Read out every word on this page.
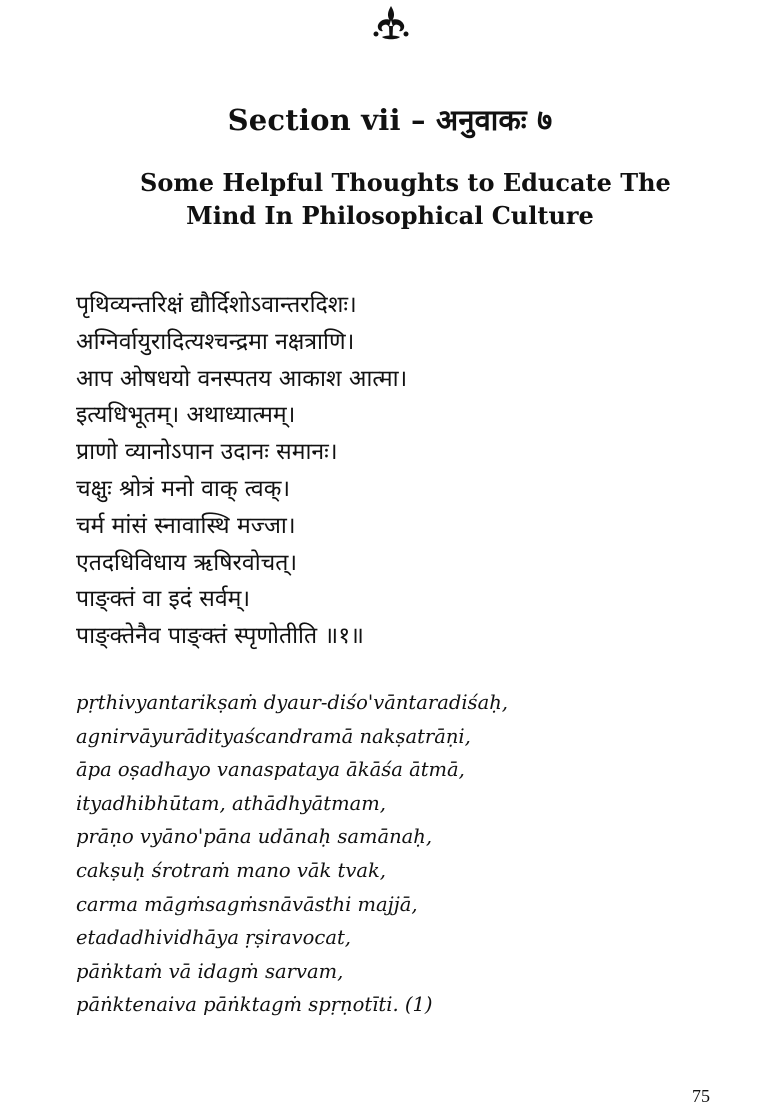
Section vii – अनुवाकः ७
Some Helpful Thoughts to Educate The
Mind In Philosophical Culture
पृथिव्यन्तरिक्षं द्यौर्दिशोऽवान्तरदिशः।
अग्निर्वायुरादित्यश्चन्द्रमा नक्षत्राणि।
आप ओषधयो वनस्पतय आकाश आत्मा।
इत्यधिभूतम्। अथाध्यात्मम्।
प्राणो व्यानोऽपान उदानः समानः।
चक्षुः श्रोत्रं मनो वाक् त्वक्।
चर्म मांसं स्नावास्थि मज्जा।
एतदधिविधाय ऋषिरवोचत्।
पाङ्क्तं वा इदं सर्वम्।
पाङ्क्तेनैव पाङ्क्तं स्पृणोतीति ॥१॥
pṛthivyantarikṣaṁ dyaur-diśo'vāntaradiśaḥ,
agnirvāyurādityaścandramā nakṣatrāṇi,
āpa oṣadhayo vanaspataya ākāśa ātmā,
ityadhibhūtam, athādhyātmam,
prāṇo vyāno'pāna udānaḥ samānaḥ,
cakṣuḥ śrotraṁ mano vāk tvak,
carma māgṁsagṁsnāvāsthi majjā,
etadadhividhāya ṛṣiravocat,
pāṅktaṁ vā idagṁ sarvam,
pāṅktenaiva pāṅktagṁ spṛṇotīti. (1)
75
